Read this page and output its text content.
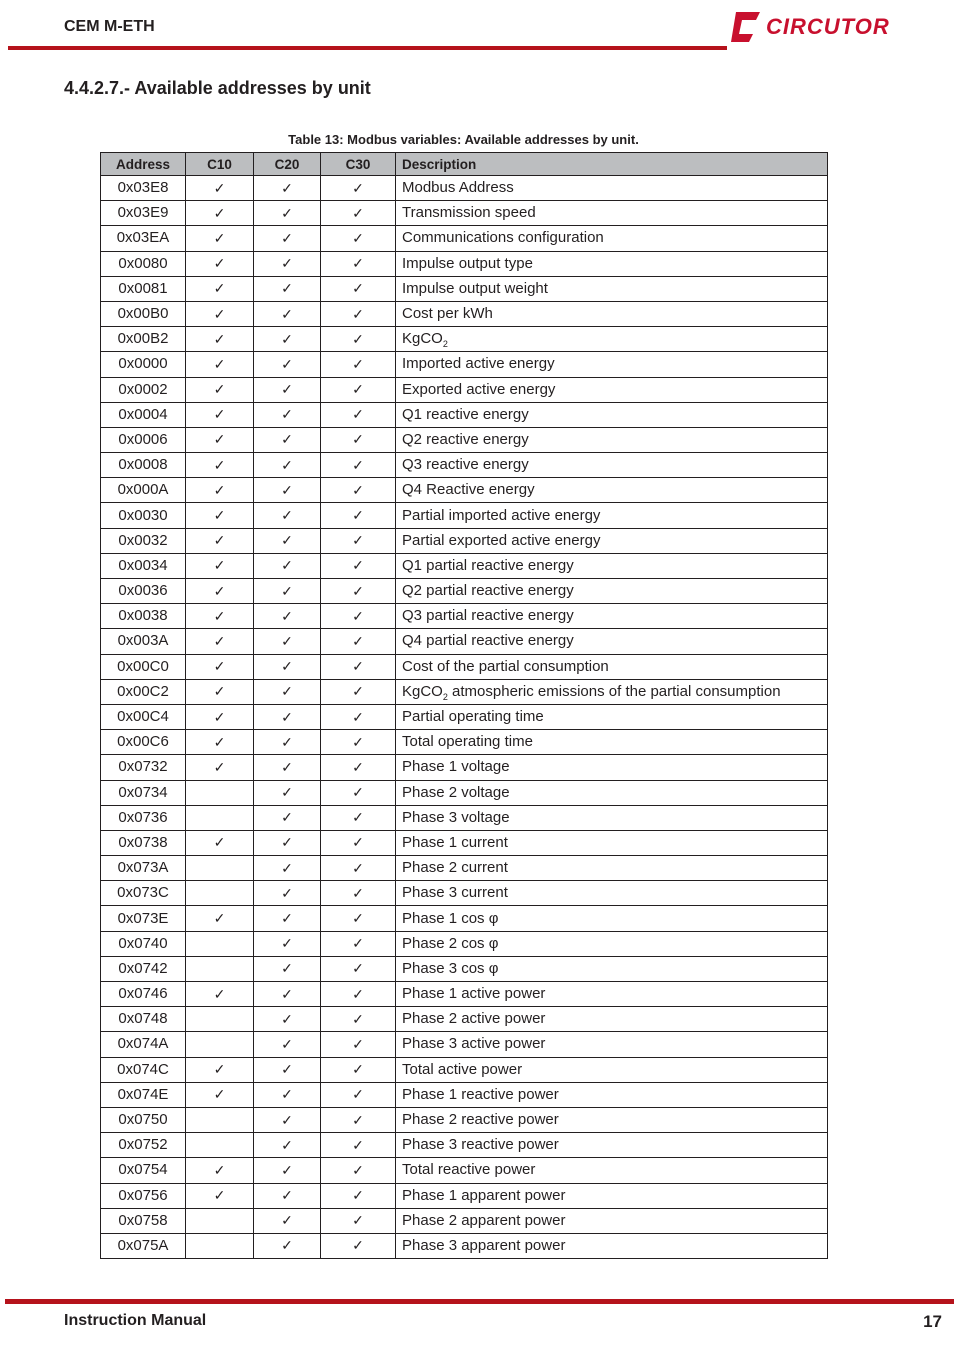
CEM M-ETH	CIRCUTOR
4.4.2.7.- Available addresses by unit
Table 13: Modbus variables: Available addresses by unit.
Address	C10	C20	C30	Description
0x03E8	✓	✓	✓	Modbus Address
0x03E9	✓	✓	✓	Transmission speed
0x03EA	✓	✓	✓	Communications configuration
0x0080	✓	✓	✓	Impulse output type
0x0081	✓	✓	✓	Impulse output weight
0x00B0	✓	✓	✓	Cost per kWh
0x00B2	✓	✓	✓	KgCO$_2$
0x0000	✓	✓	✓	Imported active energy
0x0002	✓	✓	✓	Exported active energy
0x0004	✓	✓	✓	Q1 reactive energy
0x0006	✓	✓	✓	Q2 reactive energy
0x0008	✓	✓	✓	Q3 reactive energy
0x000A	✓	✓	✓	Q4 Reactive energy
0x0030	✓	✓	✓	Partial imported active energy
0x0032	✓	✓	✓	Partial exported active energy
0x0034	✓	✓	✓	Q1 partial reactive energy
0x0036	✓	✓	✓	Q2 partial reactive energy
0x0038	✓	✓	✓	Q3 partial reactive energy
0x003A	✓	✓	✓	Q4 partial reactive energy
0x00C0	✓	✓	✓	Cost of the partial consumption
0x00C2	✓	✓	✓	KgCO$_2$ atmospheric emissions of the partial consumption
0x00C4	✓	✓	✓	Partial operating time
0x00C6	✓	✓	✓	Total operating time
0x0732	✓	✓	✓	Phase 1 voltage
0x0734		✓	✓	Phase 2 voltage
0x0736		✓	✓	Phase 3 voltage
0x0738	✓	✓	✓	Phase 1 current
0x073A		✓	✓	Phase 2 current
0x073C		✓	✓	Phase 3 current
0x073E	✓	✓	✓	Phase 1 cos φ
0x0740		✓	✓	Phase 2 cos φ
0x0742		✓	✓	Phase 3 cos φ
0x0746	✓	✓	✓	Phase 1 active power
0x0748		✓	✓	Phase 2 active power
0x074A		✓	✓	Phase 3 active power
0x074C	✓	✓	✓	Total active power
0x074E	✓	✓	✓	Phase 1 reactive power
0x0750		✓	✓	Phase 2 reactive power
0x0752		✓	✓	Phase 3 reactive power
0x0754	✓	✓	✓	Total reactive power
0x0756	✓	✓	✓	Phase 1 apparent power
0x0758		✓	✓	Phase 2 apparent power
0x075A		✓	✓	Phase 3 apparent power
Instruction Manual	17
